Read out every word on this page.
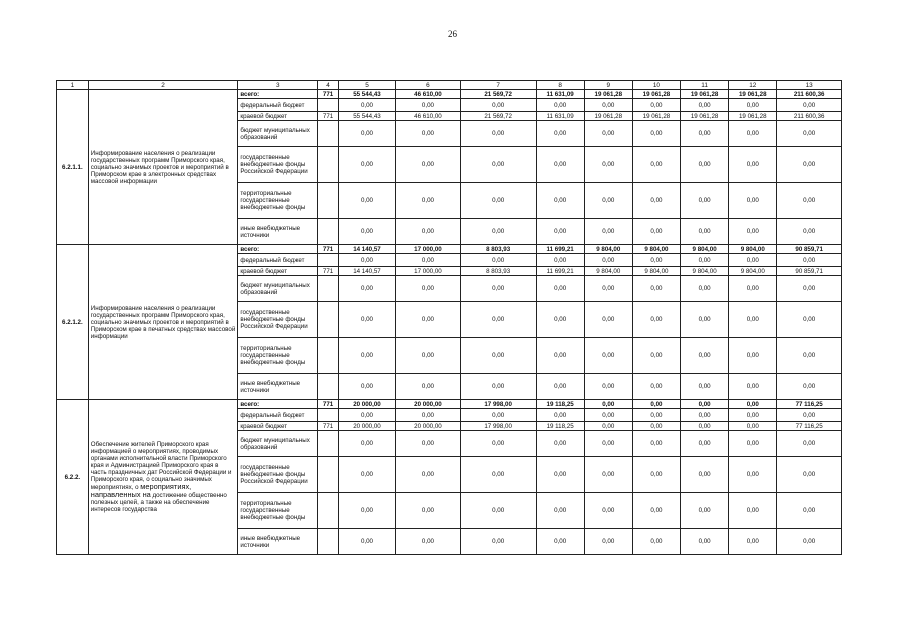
26
1	2	3	4	5	6	7	8	9	10	11	12	13
6.2.1.1.	Информирование населения о реализации государственных программ Приморского края, социально значимых проектов и мероприятий в Приморском крае в электронных средствах массовой информации	всего:	771	55 544,43	46 610,00	21 569,72	11 631,09	19 061,28	19 061,28	19 061,28	19 061,28	211 600,36
		федеральный бюджет		0,00	0,00	0,00	0,00	0,00	0,00	0,00	0,00	0,00
		краевой бюджет	771	55 544,43	46 610,00	21 569,72	11 631,09	19 061,28	19 061,28	19 061,28	19 061,28	211 600,36
		бюджет муниципальных образований		0,00	0,00	0,00	0,00	0,00	0,00	0,00	0,00	0,00
		государственные внебюджетные фонды Российской Федерации		0,00	0,00	0,00	0,00	0,00	0,00	0,00	0,00	0,00
		территориальные государственные внебюджетные фонды		0,00	0,00	0,00	0,00	0,00	0,00	0,00	0,00	0,00
		иные внебюджетные источники		0,00	0,00	0,00	0,00	0,00	0,00	0,00	0,00	0,00
6.2.1.2.	Информирование населения о реализации государственных программ Приморского края, социально значимых проектов и мероприятий в Приморском крае в печатных средствах массовой информации	всего:	771	14 140,57	17 000,00	8 803,93	11 699,21	9 804,00	9 804,00	9 804,00	9 804,00	90 859,71
		федеральный бюджет		0,00	0,00	0,00	0,00	0,00	0,00	0,00	0,00	0,00
		краевой бюджет	771	14 140,57	17 000,00	8 803,93	11 699,21	9 804,00	9 804,00	9 804,00	9 804,00	90 859,71
		бюджет муниципальных образований		0,00	0,00	0,00	0,00	0,00	0,00	0,00	0,00	0,00
		государственные внебюджетные фонды Российской Федерации		0,00	0,00	0,00	0,00	0,00	0,00	0,00	0,00	0,00
		территориальные государственные внебюджетные фонды		0,00	0,00	0,00	0,00	0,00	0,00	0,00	0,00	0,00
		иные внебюджетные источники		0,00	0,00	0,00	0,00	0,00	0,00	0,00	0,00	0,00
6.2.2.	Обеспечение жителей Приморского края информацией о мероприятиях, проводимых органами исполнительной власти Приморского края и Администрацией Приморского края в часть праздничных дат Российской Федерации и Приморского края, о социально значимых мероприятиях, о мероприятиях, направленных на достижение общественно полезных целей, а также на обеспечение интересов государства	всего:	771	20 000,00	20 000,00	17 998,00	19 118,25	0,00	0,00	0,00	0,00	77 116,25
		федеральный бюджет		0,00	0,00	0,00	0,00	0,00	0,00	0,00	0,00	0,00
		краевой бюджет	771	20 000,00	20 000,00	17 998,00	19 118,25	0,00	0,00	0,00	0,00	77 116,25
		бюджет муниципальных образований		0,00	0,00	0,00	0,00	0,00	0,00	0,00	0,00	0,00
		государственные внебюджетные фонды Российской Федерации		0,00	0,00	0,00	0,00	0,00	0,00	0,00	0,00	0,00
		территориальные государственные внебюджетные фонды		0,00	0,00	0,00	0,00	0,00	0,00	0,00	0,00	0,00
		иные внебюджетные источники		0,00	0,00	0,00	0,00	0,00	0,00	0,00	0,00	0,00
